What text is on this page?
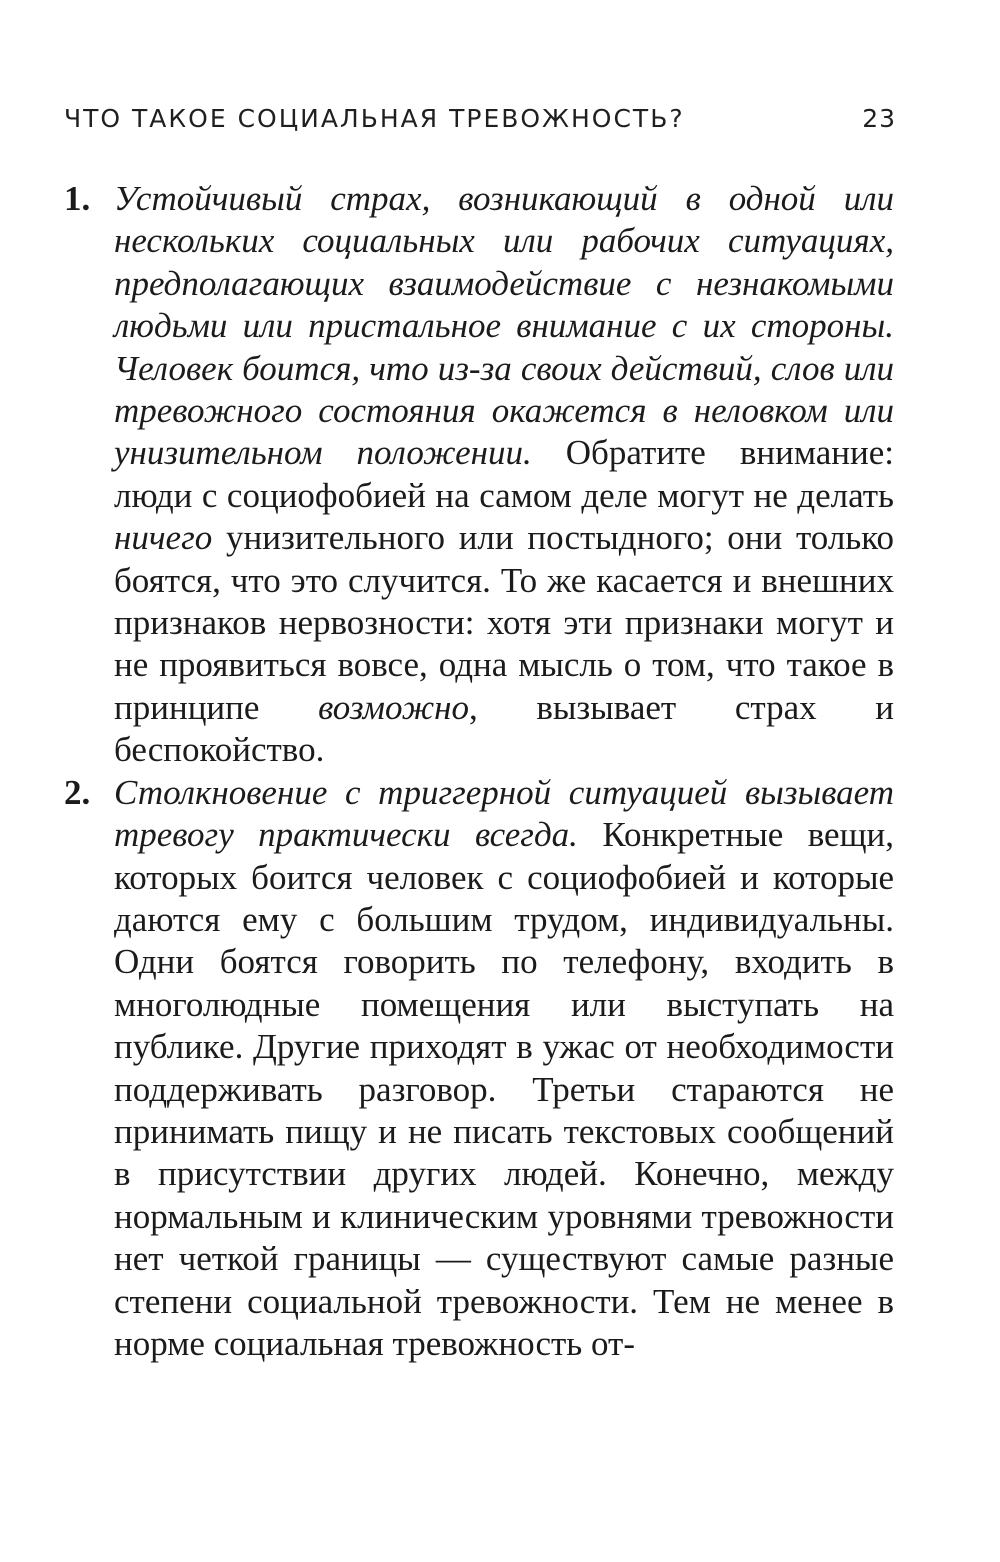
ЧТО ТАКОЕ СОЦИАЛЬНАЯ ТРЕВОЖНОСТЬ?	23
1. Устойчивый страх, возникающий в одной или нескольких социальных или рабочих ситуациях, предполагающих взаимодействие с незнакомыми людьми или пристальное внимание с их стороны. Человек боится, что из-за своих действий, слов или тревожного состояния окажется в неловком или унизительном положении. Обратите внимание: люди с социофобией на самом деле могут не делать ничего унизительного или постыдного; они только боятся, что это случится. То же касается и внешних признаков нервозности: хотя эти признаки могут и не проявиться вовсе, одна мысль о том, что такое в принципе возможно, вызывает страх и беспокойство.
2. Столкновение с триггерной ситуацией вызывает тревогу практически всегда. Конкретные вещи, которых боится человек с социофобией и которые даются ему с большим трудом, индивидуальны. Одни боятся говорить по телефону, входить в многолюдные помещения или выступать на публике. Другие приходят в ужас от необходимости поддерживать разговор. Третьи стараются не принимать пищу и не писать текстовых сообщений в присутствии других людей. Конечно, между нормальным и клиническим уровнями тревожности нет четкой границы — существуют самые разные степени социальной тревожности. Тем не менее в норме социальная тревожность от-
